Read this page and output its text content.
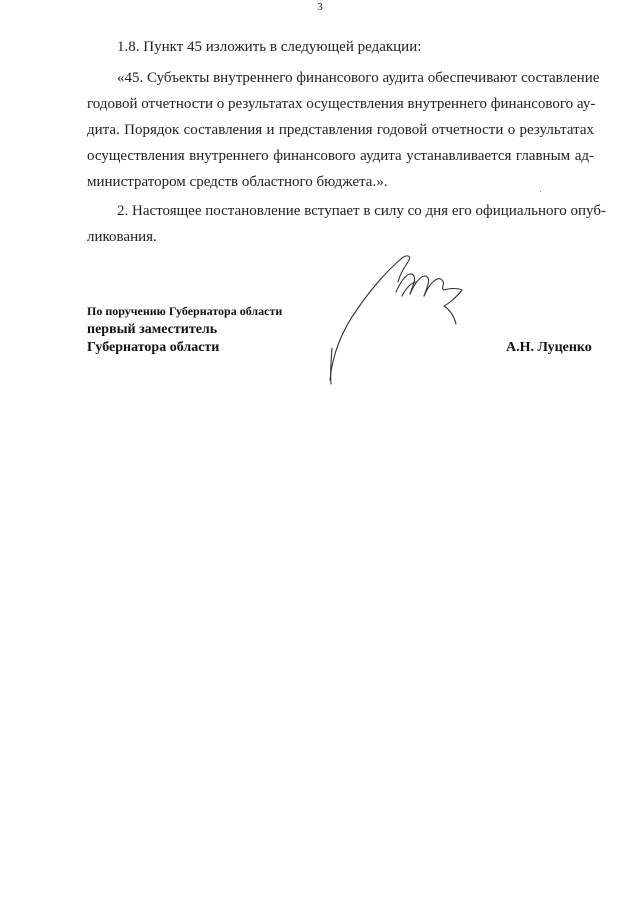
3
1.8. Пункт 45 изложить в следующей редакции:
«45. Субъекты внутреннего финансового аудита обеспечивают составление
годовой отчетности о результатах осуществления внутреннего финансового ау-
дита. Порядок составления и представления годовой отчетности о результатах
осуществления внутреннего финансового аудита устанавливается главным ад-
министратором средств областного бюджета.».
2. Настоящее постановление вступает в силу со дня его официального опуб-
ликования.
По поручению Губернатора области
первый заместитель
Губернатора области	А.Н. Луценко
